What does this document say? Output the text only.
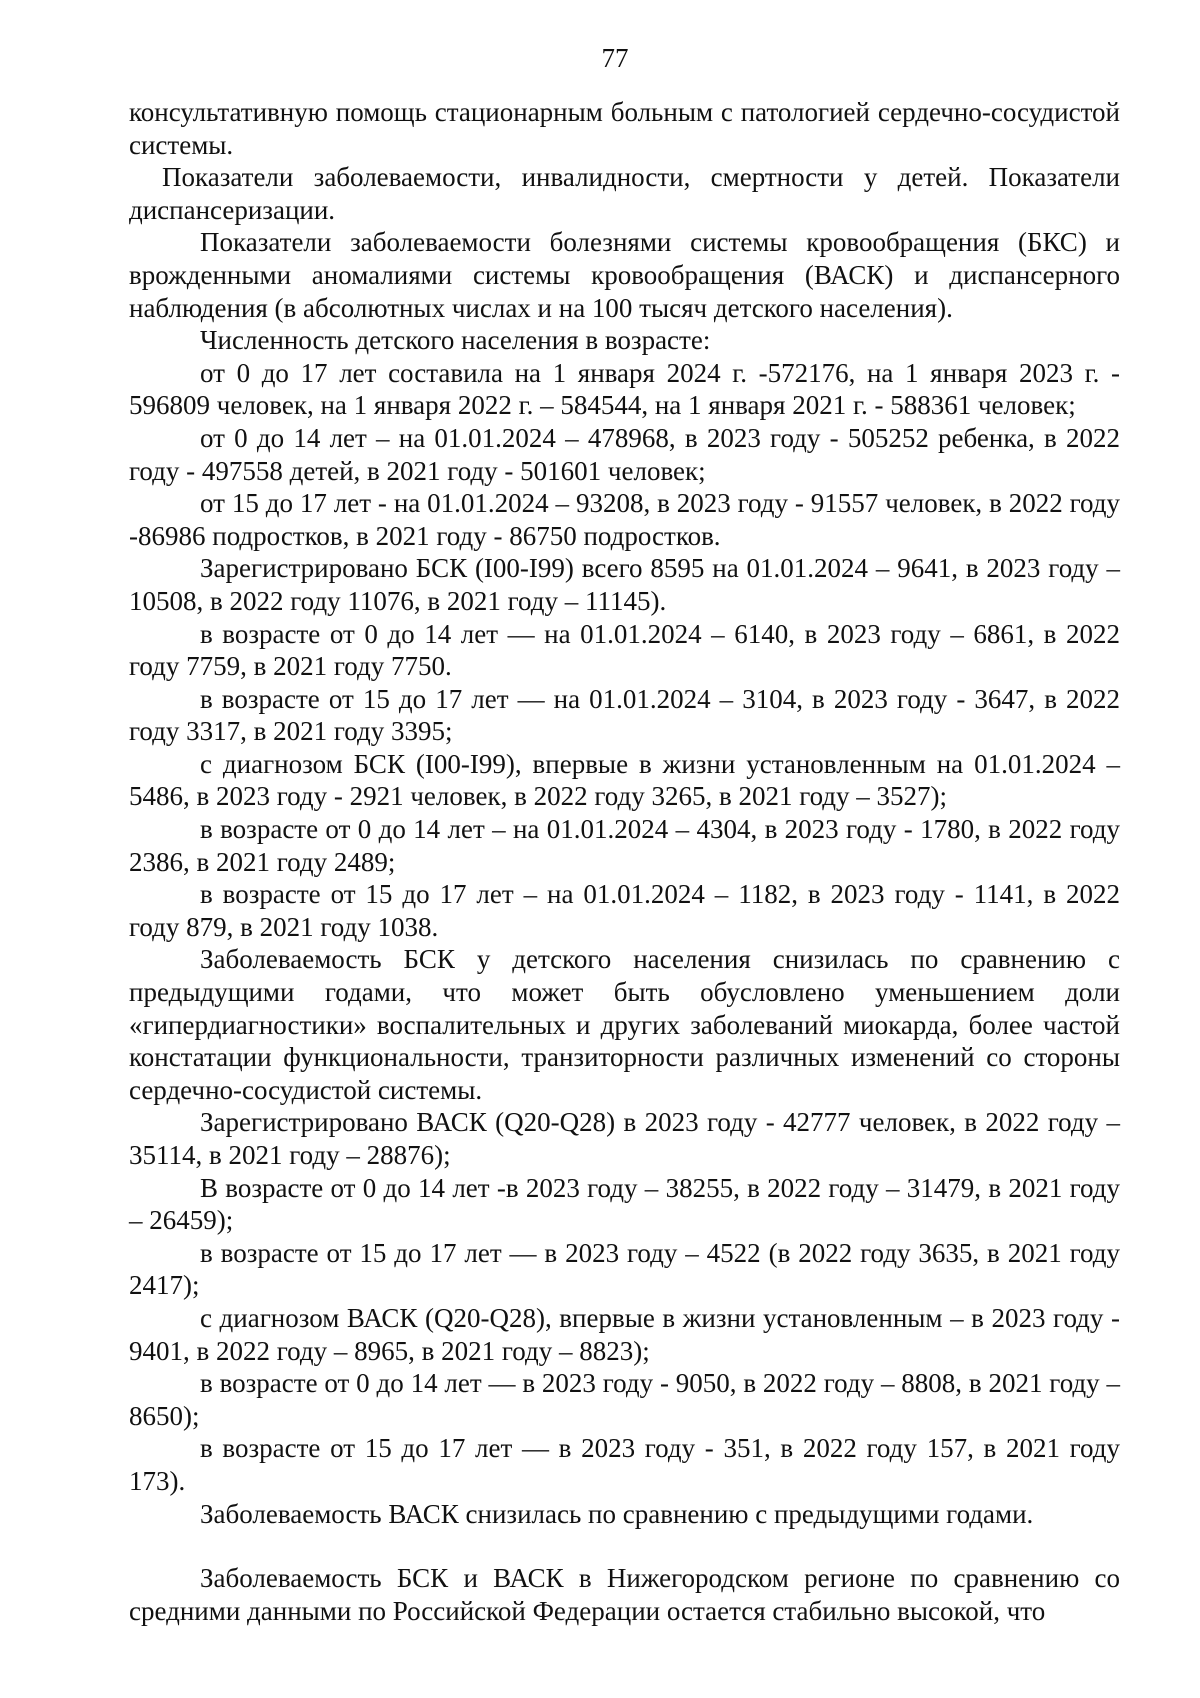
77

консультативную помощь стационарным больным с патологией сердечно-сосудистой системы.

Показатели заболеваемости, инвалидности, смертности у детей. Показатели диспансеризации.

Показатели заболеваемости болезнями системы кровообращения (БКС) и врожденными аномалиями системы кровообращения (ВАСК) и диспансерного наблюдения (в абсолютных числах и на 100 тысяч детского населения).

Численность детского населения в возрасте:

от 0 до 17 лет составила на 1 января 2024 г. -572176, на 1 января 2023 г. - 596809 человек, на 1 января 2022 г. – 584544, на 1 января 2021 г. - 588361 человек;

от 0 до 14 лет – на 01.01.2024 – 478968, в 2023 году - 505252 ребенка, в 2022 году - 497558 детей, в 2021 году - 501601 человек;

от 15 до 17 лет - на 01.01.2024 – 93208, в 2023 году - 91557 человек, в 2022 году -86986 подростков, в 2021 году - 86750 подростков.

Зарегистрировано БСК (I00-I99) всего 8595 на 01.01.2024 – 9641, в 2023 году – 10508, в 2022 году 11076, в 2021 году – 11145).

в возрасте от 0 до 14 лет — на 01.01.2024 – 6140, в 2023 году – 6861, в 2022 году 7759, в 2021 году 7750.

в возрасте от 15 до 17 лет — на 01.01.2024 – 3104, в 2023 году - 3647, в 2022 году 3317, в 2021 году 3395;

с диагнозом БСК (I00-I99), впервые в жизни установленным на 01.01.2024 – 5486, в 2023 году - 2921 человек, в 2022 году 3265, в 2021 году – 3527);

в возрасте от 0 до 14 лет – на 01.01.2024 – 4304, в 2023 году - 1780, в 2022 году 2386, в 2021 году 2489;

в возрасте от 15 до 17 лет – на 01.01.2024 – 1182, в 2023 году - 1141, в 2022 году 879, в 2021 году 1038.

Заболеваемость БСК у детского населения снизилась по сравнению с предыдущими годами, что может быть обусловлено уменьшением доли «гипердиагностики» воспалительных и других заболеваний миокарда, более частой констатации функциональности, транзиторности различных изменений со стороны сердечно-сосудистой системы.

Зарегистрировано ВАСК (Q20-Q28) в 2023 году - 42777 человек, в 2022 году – 35114, в 2021 году – 28876);

В возрасте от 0 до 14 лет -в 2023 году – 38255, в 2022 году – 31479, в 2021 году – 26459);

в возрасте от 15 до 17 лет — в 2023 году – 4522 (в 2022 году 3635, в 2021 году 2417);

с диагнозом ВАСК (Q20-Q28), впервые в жизни установленным – в 2023 году - 9401, в 2022 году – 8965, в 2021 году – 8823);

в возрасте от 0 до 14 лет — в 2023 году - 9050, в 2022 году – 8808, в 2021 году – 8650);

в возрасте от 15 до 17 лет — в 2023 году - 351, в 2022 году 157, в 2021 году 173).

Заболеваемость ВАСК снизилась по сравнению с предыдущими годами.

Заболеваемость БСК и ВАСК в Нижегородском регионе по сравнению со средними данными по Российской Федерации остается стабильно высокой, что
